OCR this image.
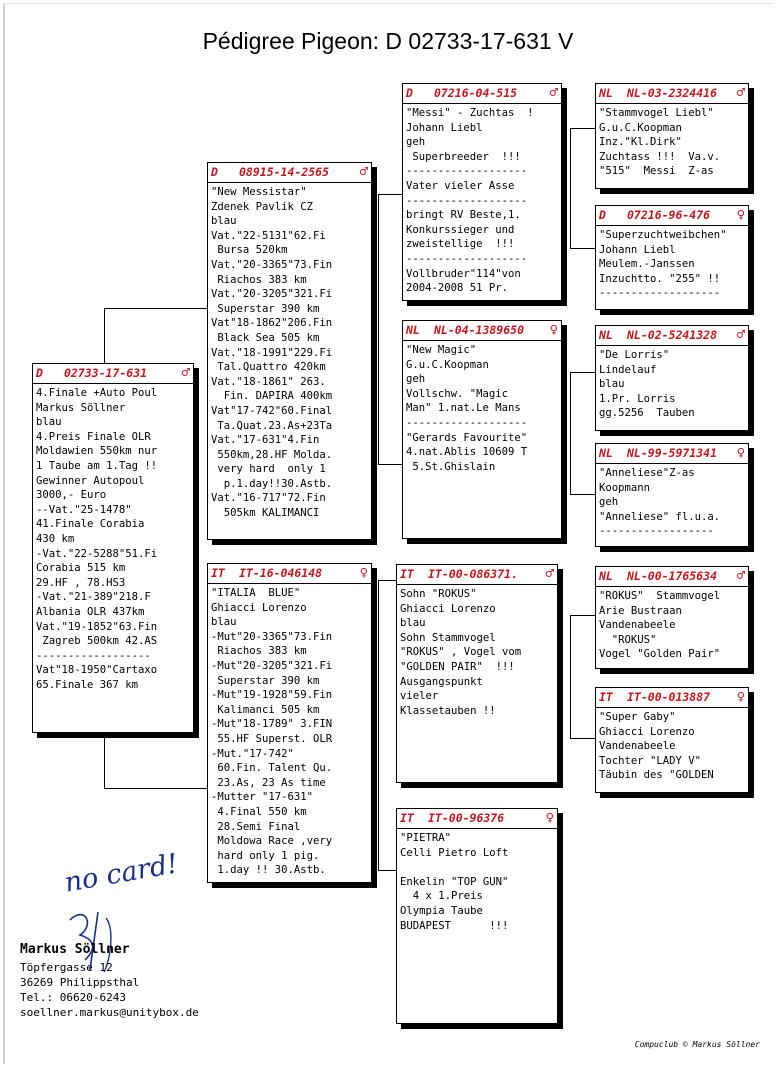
Pédigree Pigeon: D 02733-17-631 V
D 02733-17-631 ♂
4.Finale +Auto Poul
Markus Söllner
blau
4.Preis Finale OLR
Moldawien 550km nur
1 Taube am 1.Tag !!
Gewinner Autopoul
3000,- Euro
--Vat."25-1478"
41.Finale Corabia
430 km
-Vat."22-5288"51.Fi
Corabia 515 km
29.HF , 78.HS3
-Vat."21-389"218.F
Albania OLR 437km
Vat."19-1852"63.Fin
Zagreb 500km 42.AS
------------------
Vat"18-1950"Cartaxo
65.Finale 367 km
D 08915-14-2565 ♂
"New Messistar"
Zdenek Pavlik CZ
blau
Vat."22-5131"62.Fi
Bursa 520km
Vat."20-3365"73.Fin
Riachos 383 km
Vat."20-3205"321.Fi
Superstar 390 km
Vat"18-1862"206.Fin
Black Sea 505 km
Vat."18-1991"229.Fi
Tal.Quattro 420km
Vat."18-1861" 263.
Fin. DAPIRA 400km
Vat"17-742"60.Final
Ta.Quat.23.As+23Ta
Vat."17-631"4.Fin
550km,28.HF Molda.
very hard  only 1
p.1.day!!30.Astb.
Vat."16-717"72.Fin
505km KALIMANCI
IT IT-16-046148	♀
"ITALIA  BLUE"
Ghiacci Lorenzo
blau
-Mut"20-3365"73.Fin
Riachos 383 km
-Mut"20-3205"321.Fi
Superstar 390 km
-Mut"19-1928"59.Fin
Kalimanci 505 km
-Mut"18-1789" 3.FIN
55.HF Superst. OLR
-Mut."17-742"
60.Fin. Talent Qu.
23.As, 23 As time
-Mutter "17-631"
4.Final 550 km
28.Semi Final
Moldowa Race ,very
hard only 1 pig.
1.day !! 30.Astb.
D 07216-04-515 ♂
"Messi" - Zuchtas  !
Johann Liebl
geh
Superbreeder  !!!
-------------------
Vater vieler Asse
-------------------
bringt RV Beste,1.
Konkurssieger und
zweistellige  !!!
-------------------
Vollbruder"114"von
2004-2008 51 Pr.
NL NL-04-1389650 ♀
"New Magic"
G.u.C.Koopman
geh
Vollschw. "Magic
Man" 1.nat.Le Mans
-------------------
"Gerards Favourite"
4.nat.Ablis 10609 T
5.St.Ghislain
IT IT-00-086371. ♂
Sohn "ROKUS"
Ghiacci Lorenzo
blau
Sohn Stammvogel
"ROKUS" , Vogel vom
"GOLDEN PAIR"  !!!
Ausgangspunkt
vieler
Klassetauben !!
IT IT-00-96376	♀
"PIETRA"
Celli Pietro Loft

Enkelin "TOP GUN"
4 x 1.Preis
Olympia Taube
BUDAPEST      !!!
NL NL-03-2324416 ♂
"Stammvogel Liebl"
G.u.C.Koopman
Inz."Kl.Dirk"
Zuchtass !!!  Va.v.
"515"  Messi  Z-as
D 07216-96-476 ♀
"Superzuchtweibchen"
Johann Liebl
Meulem.-Janssen
Inzuchtto. "255" !!
-------------------
NL NL-02-5241328 ♂
"De Lorris"
Lindelauf
blau
1.Pr. Lorris
gg.5256  Tauben
NL NL-99-5971341 ♀
"Anneliese"Z-as
Koopmann
geh
"Anneliese" fl.u.a.
------------------
NL NL-00-1765634 ♂
"ROKUS"  Stammvogel
Arie Bustraan
Vandenabeele
"ROKUS"
Vogel "Golden Pair"
IT IT-00-013887 ♀
"Super Gaby"
Ghiacci Lorenzo
Vandenabeele
Tochter "LADY V"
Täubin des "GOLDEN
no card!
Markus Söllner
Töpfergasse 12
36269 Philippsthal
Tel.: 06620-6243
soellner.markus@unitybox.de
Compuclub © Markus Söllner
